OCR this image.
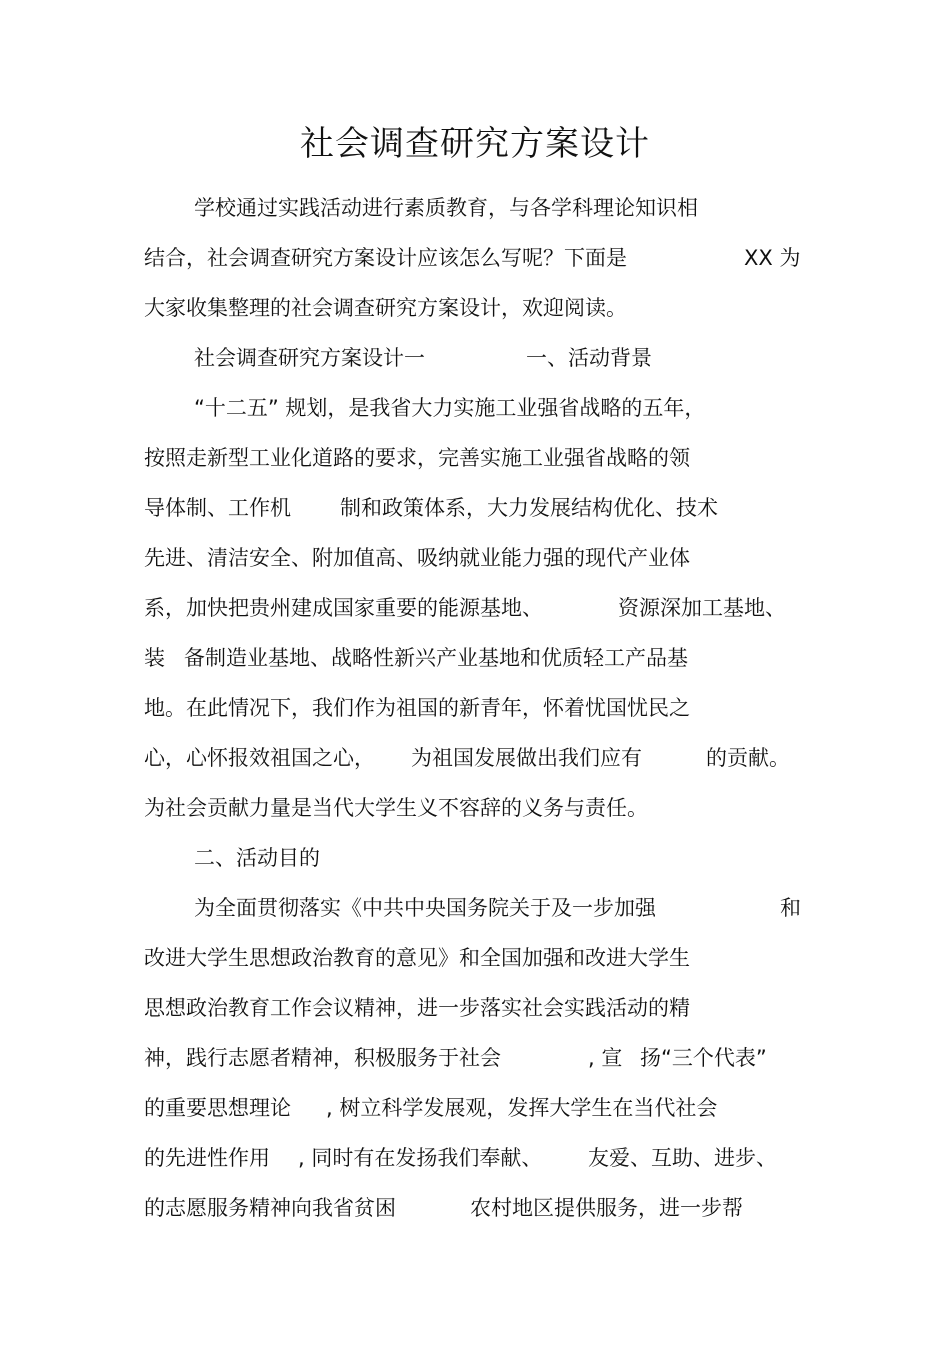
社会调查研究方案设计
学校通过实践活动进行素质教育，与各学科理论知识相
结合，社会调查研究方案设计应该怎么写呢？下面是	XX 为
大家收集整理的社会调查研究方案设计，欢迎阅读。
社会调查研究方案设计一	一、活动背景
“十二五” 规划，是我省大力实施工业强省战略的五年，
按照走新型工业化道路的要求，完善实施工业强省战略的领
导体制、工作机 制和政策体系，大力发展结构优化、技术
先进、清洁安全、附加值高、吸纳就业能力强的现代产业体
系，加快把贵州建成国家重要的能源基地、	资源深加工基地、
装 备制造业基地、战略性新兴产业基地和优质轻工产品基
地。在此情况下，我们作为祖国的新青年，怀着忧国忧民之
心，心怀报效祖国之心， 为祖国发展做出我们应有	的贡献。
为社会贡献力量是当代大学生义不容辞的义务与责任。
二、活动目的
为全面贯彻落实《中共中央国务院关于及一步加强	和
改进大学生思想政治教育的意见》和全国加强和改进大学生
思想政治教育工作会议精神，进一步落实社会实践活动的精
神，践行志愿者精神，积极服务于社会	, 宣 扬“三个代表”
的重要思想理论 , 树立科学发展观，发挥大学生在当代社会
的先进性作用 , 同时有在发扬我们奉献、 友爱、互助、进步、
的志愿服务精神向我省贫困	农村地区提供服务，进一步帮
